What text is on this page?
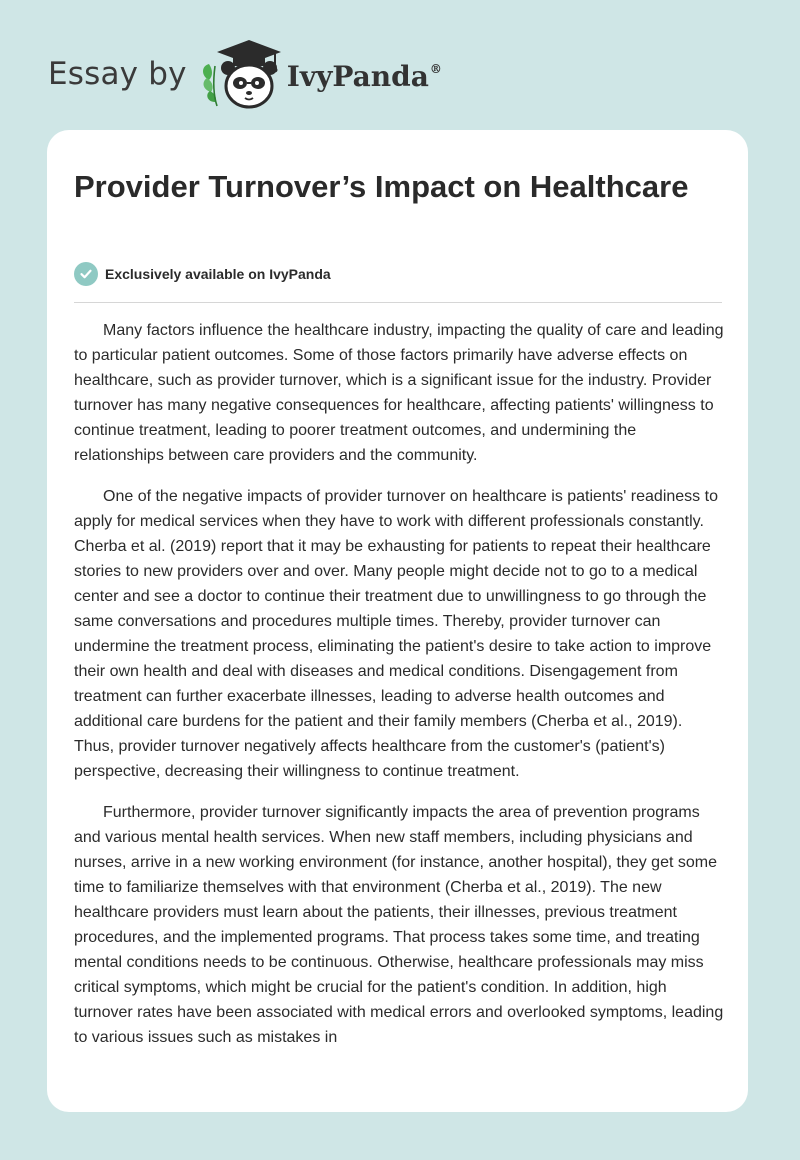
Essay by	IvyPanda®
Provider Turnover’s Impact on Healthcare
Exclusively available on IvyPanda

Many factors influence the healthcare industry, impacting the quality of care and leading to particular patient outcomes. Some of those factors primarily have adverse effects on healthcare, such as provider turnover, which is a significant issue for the industry. Provider turnover has many negative consequences for healthcare, affecting patients' willingness to continue treatment, leading to poorer treatment outcomes, and undermining the relationships between care providers and the community.

One of the negative impacts of provider turnover on healthcare is patients' readiness to apply for medical services when they have to work with different professionals constantly. Cherba et al. (2019) report that it may be exhausting for patients to repeat their healthcare stories to new providers over and over. Many people might decide not to go to a medical center and see a doctor to continue their treatment due to unwillingness to go through the same conversations and procedures multiple times. Thereby, provider turnover can undermine the treatment process, eliminating the patient's desire to take action to improve their own health and deal with diseases and medical conditions. Disengagement from treatment can further exacerbate illnesses, leading to adverse health outcomes and additional care burdens for the patient and their family members (Cherba et al., 2019). Thus, provider turnover negatively affects healthcare from the customer's (patient's) perspective, decreasing their willingness to continue treatment.

Furthermore, provider turnover significantly impacts the area of prevention programs and various mental health services. When new staff members, including physicians and nurses, arrive in a new working environment (for instance, another hospital), they get some time to familiarize themselves with that environment (Cherba et al., 2019). The new healthcare providers must learn about the patients, their illnesses, previous treatment procedures, and the implemented programs. That process takes some time, and treating mental conditions needs to be continuous. Otherwise, healthcare professionals may miss critical symptoms, which might be crucial for the patient's condition. In addition, high turnover rates have been associated with medical errors and overlooked symptoms, leading to various issues such as mistakes in
